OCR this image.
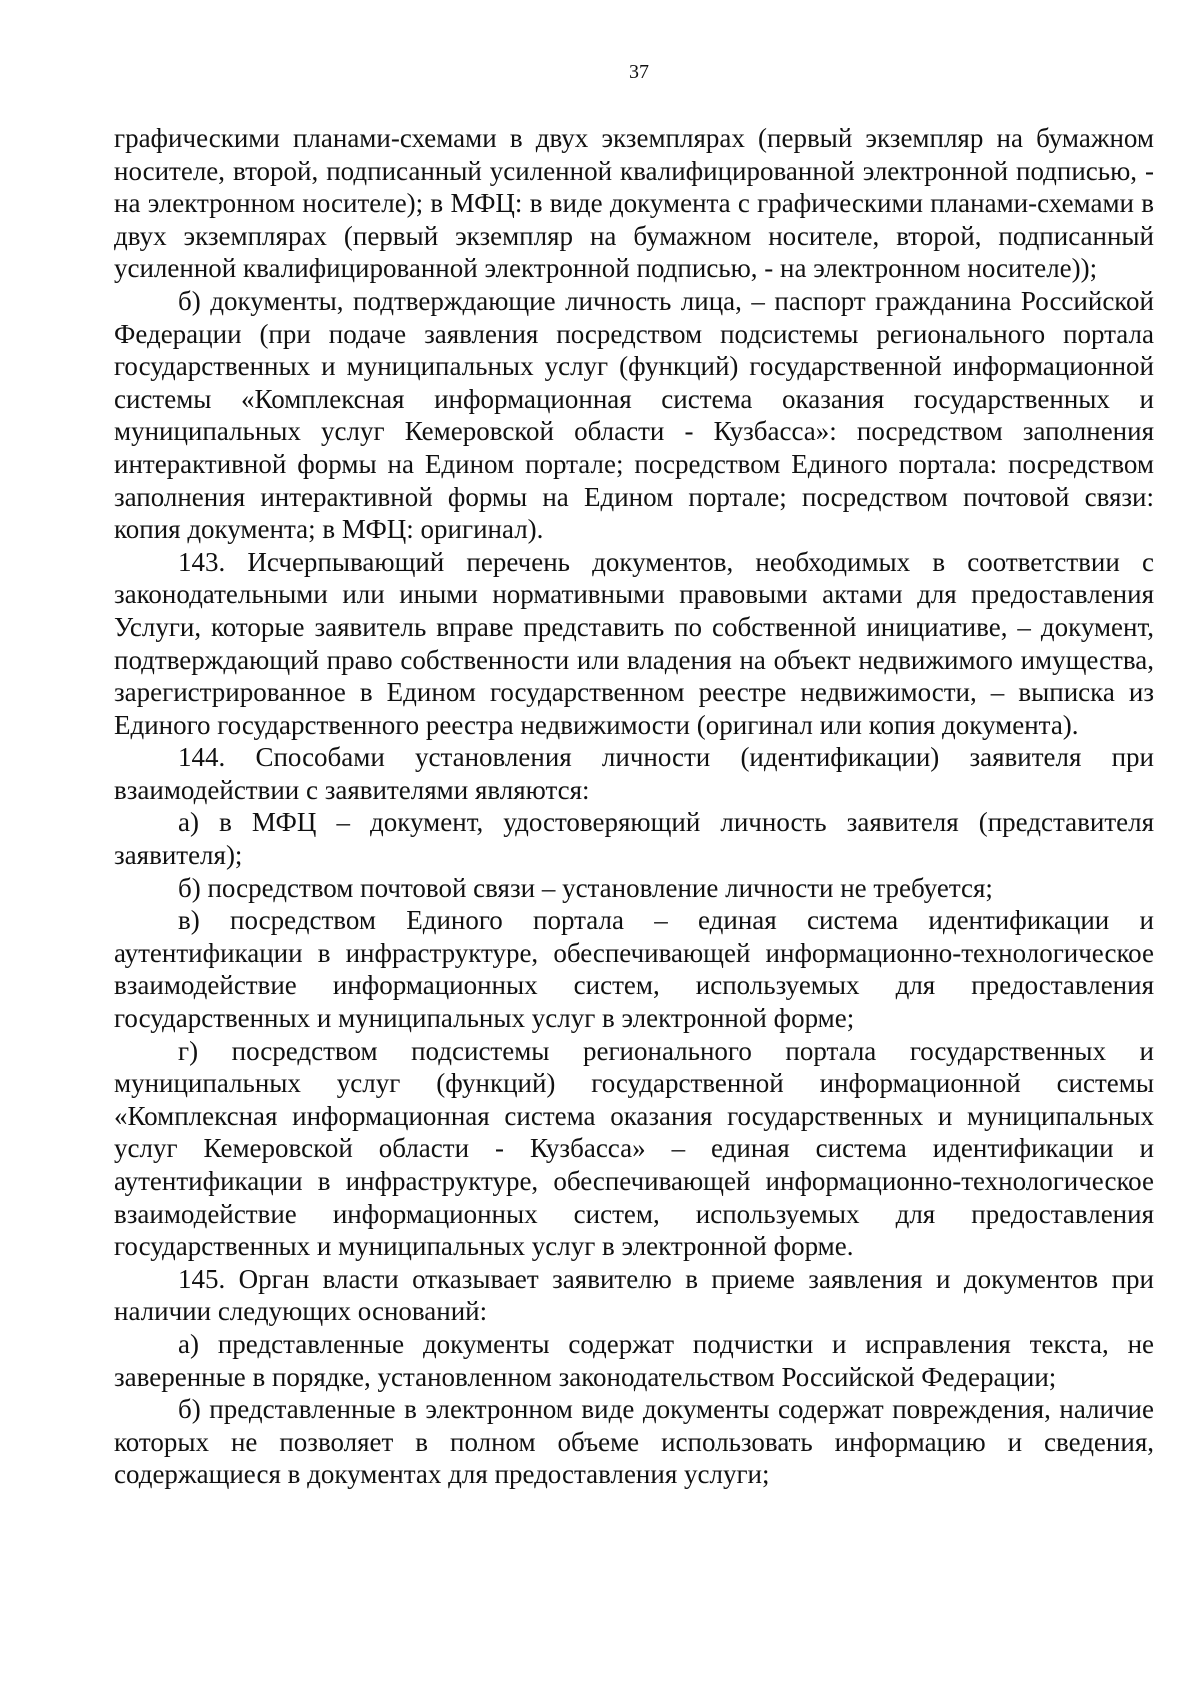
37

графическими планами-схемами в двух экземплярах (первый экземпляр на бумажном носителе, второй, подписанный усиленной квалифицированной электронной подписью, - на электронном носителе); в МФЦ: в виде документа с графическими планами-схемами в двух экземплярах (первый экземпляр на бумажном носителе, второй, подписанный усиленной квалифицированной электронной подписью, - на электронном носителе));

б) документы, подтверждающие личность лица, – паспорт гражданина Российской Федерации (при подаче заявления посредством подсистемы регионального портала государственных и муниципальных услуг (функций) государственной информационной системы «Комплексная информационная система оказания государственных и муниципальных услуг Кемеровской области - Кузбасса»: посредством заполнения интерактивной формы на Едином портале; посредством Единого портала: посредством заполнения интерактивной формы на Едином портале; посредством почтовой связи: копия документа; в МФЦ: оригинал).

143. Исчерпывающий перечень документов, необходимых в соответствии с законодательными или иными нормативными правовыми актами для предоставления Услуги, которые заявитель вправе представить по собственной инициативе, – документ, подтверждающий право собственности или владения на объект недвижимого имущества, зарегистрированное в Едином государственном реестре недвижимости, – выписка из Единого государственного реестра недвижимости (оригинал или копия документа).

144. Способами установления личности (идентификации) заявителя при взаимодействии с заявителями являются:

а) в МФЦ – документ, удостоверяющий личность заявителя (представителя заявителя);

б) посредством почтовой связи – установление личности не требуется;

в) посредством Единого портала – единая система идентификации и аутентификации в инфраструктуре, обеспечивающей информационно-технологическое взаимодействие информационных систем, используемых для предоставления государственных и муниципальных услуг в электронной форме;

г) посредством подсистемы регионального портала государственных и муниципальных услуг (функций) государственной информационной системы «Комплексная информационная система оказания государственных и муниципальных услуг Кемеровской области - Кузбасса» – единая система идентификации и аутентификации в инфраструктуре, обеспечивающей информационно-технологическое взаимодействие информационных систем, используемых для предоставления государственных и муниципальных услуг в электронной форме.

145. Орган власти отказывает заявителю в приеме заявления и документов при наличии следующих оснований:

а) представленные документы содержат подчистки и исправления текста, не заверенные в порядке, установленном законодательством Российской Федерации;

б) представленные в электронном виде документы содержат повреждения, наличие которых не позволяет в полном объеме использовать информацию и сведения, содержащиеся в документах для предоставления услуги;
